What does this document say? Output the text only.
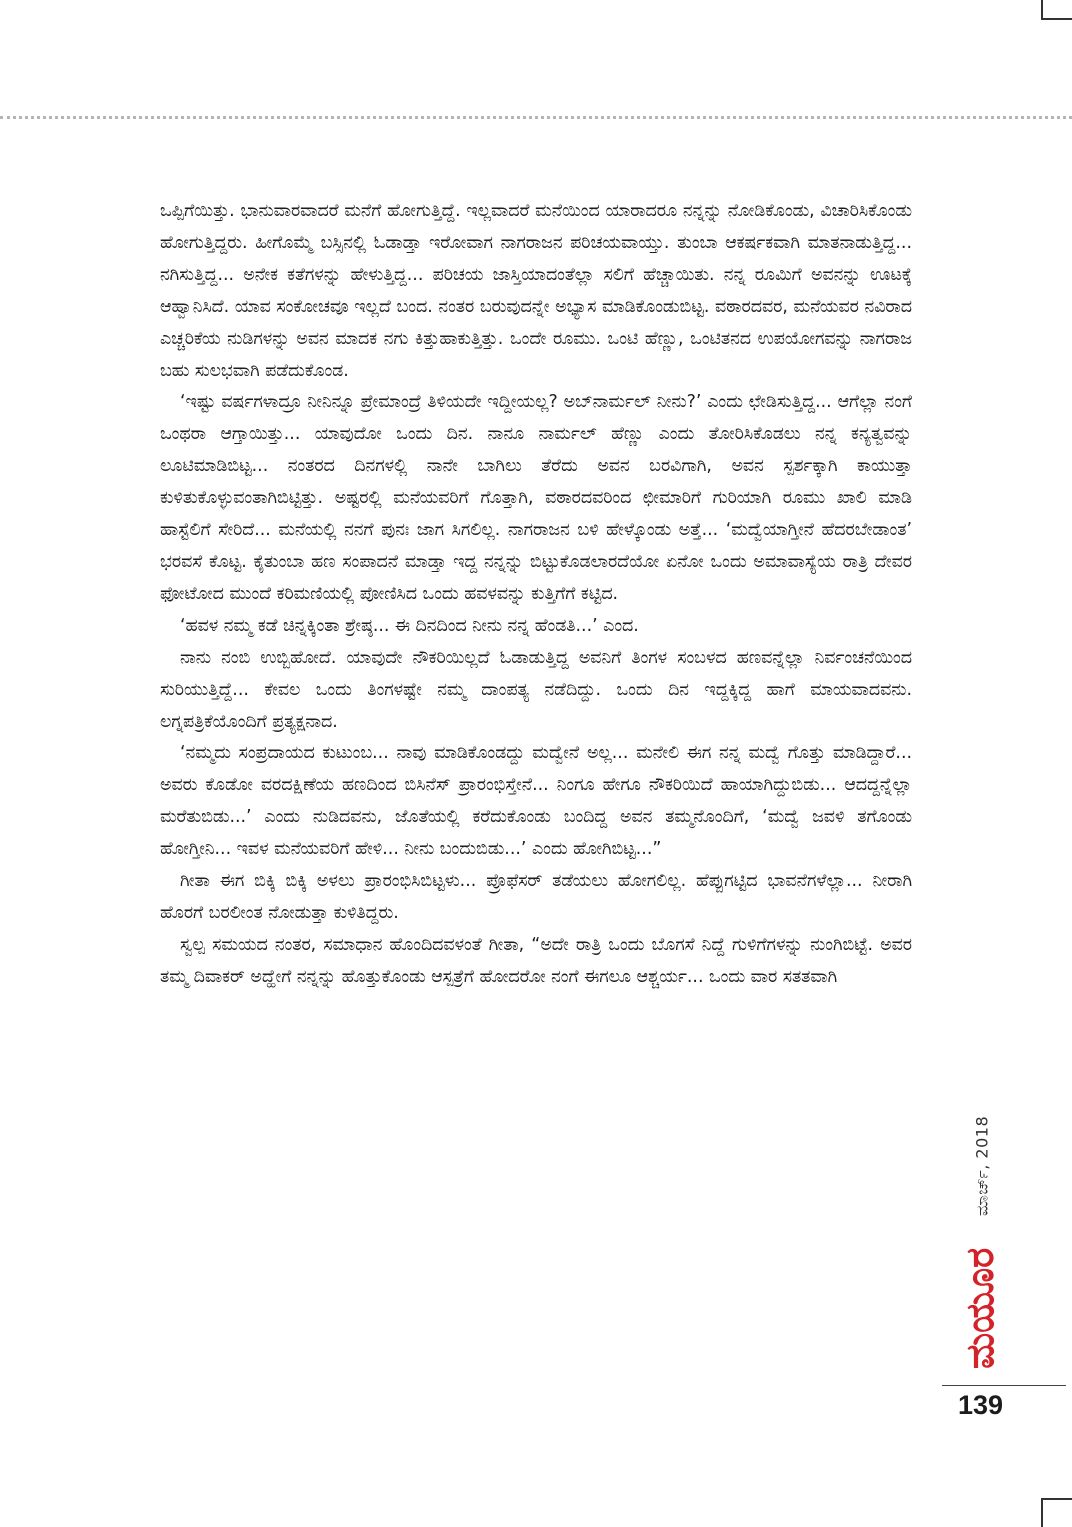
ಒಪ್ಪಿಗೆಯಿತ್ತು. ಭಾನುವಾರವಾದರೆ ಮನೆಗೆ ಹೋಗುತ್ತಿದ್ದೆ. ಇಲ್ಲವಾದರೆ ಮನೆಯಿಂದ ಯಾರಾದರೂ ನನ್ನನ್ನು ನೋಡಿಕೊಂಡು, ವಿಚಾರಿಸಿಕೊಂಡು ಹೋಗುತ್ತಿದ್ದರು. ಹೀಗೊಮ್ಮೆ ಬಸ್ಸಿನಲ್ಲಿ ಓಡಾಡ್ತಾ ಇರೋವಾಗ ನಾಗರಾಜನ ಪರಿಚಯವಾಯ್ತು. ತುಂಬಾ ಆಕರ್ಷಕವಾಗಿ ಮಾತನಾಡುತ್ತಿದ್ದ... ನಗಿಸುತ್ತಿದ್ದ... ಅನೇಕ ಕತೆಗಳನ್ನು ಹೇಳುತ್ತಿದ್ದ... ಪರಿಚಯ ಜಾಸ್ತಿಯಾದಂತೆಲ್ಲಾ ಸಲಿಗೆ ಹೆಚ್ಚಾಯಿತು. ನನ್ನ ರೂಮಿಗೆ ಅವನನ್ನು ಊಟಕ್ಕೆ ಆಹ್ವಾನಿಸಿದೆ. ಯಾವ ಸಂಕೋಚವೂ ಇಲ್ಲದೆ ಬಂದ. ನಂತರ ಬರುವುದನ್ನೇ ಅಭ್ಯಾಸ ಮಾಡಿಕೊಂಡುಬಿಟ್ಟ. ವಠಾರದವರ, ಮನೆಯವರ ನವಿರಾದ ಎಚ್ಚರಿಕೆಯ ನುಡಿಗಳನ್ನು ಅವನ ಮಾದಕ ನಗು ಕಿತ್ತುಹಾಕುತ್ತಿತ್ತು. ಒಂದೇ ರೂಮು. ಒಂಟಿ ಹೆಣ್ಣು, ಒಂಟಿತನದ ಉಪಯೋಗವನ್ನು ನಾಗರಾಜ ಬಹು ಸುಲಭವಾಗಿ ಪಡೆದುಕೊಂಡ.

‘ಇಷ್ಟು ವರ್ಷಗಳಾದ್ರೂ ನೀನಿನ್ನೂ ಪ್ರೇಮಾಂದ್ರೆ ತಿಳಿಯದೇ ಇದ್ದೀಯಲ್ಲ? ಅಬ್‌ನಾರ್ಮಲ್ ನೀನು?’ ಎಂದು ಛೇಡಿಸುತ್ತಿದ್ದ... ಆಗೆಲ್ಲಾ ನಂಗೆ ಒಂಥರಾ ಆಗ್ತಾಯಿತ್ತು... ಯಾವುದೋ ಒಂದು ದಿನ. ನಾನೂ ನಾರ್ಮಲ್ ಹೆಣ್ಣು ಎಂದು ತೋರಿಸಿಕೊಡಲು ನನ್ನ ಕನ್ಯತ್ವವನ್ನು ಲೂಟಿಮಾಡಿಬಿಟ್ಟ... ನಂತರದ ದಿನಗಳಲ್ಲಿ ನಾನೇ ಬಾಗಿಲು ತೆರೆದು ಅವನ ಬರವಿಗಾಗಿ, ಅವನ ಸ್ಪರ್ಶಕ್ಕಾಗಿ ಕಾಯುತ್ತಾ ಕುಳಿತುಕೊಳ್ಳುವಂತಾಗಿಬಿಟ್ಟಿತ್ತು. ಅಷ್ಟರಲ್ಲಿ ಮನೆಯವರಿಗೆ ಗೊತ್ತಾಗಿ, ವಠಾರದವರಿಂದ ಛೀಮಾರಿಗೆ ಗುರಿಯಾಗಿ ರೂಮು ಖಾಲಿ ಮಾಡಿ ಹಾಸ್ಟೆಲಿಗೆ ಸೇರಿದೆ... ಮನೆಯಲ್ಲಿ ನನಗೆ ಪುನಃ ಜಾಗ ಸಿಗಲಿಲ್ಲ. ನಾಗರಾಜನ ಬಳಿ ಹೇಳ್ಕೊಂಡು ಅತ್ತೆ... ‘ಮದ್ವೆಯಾಗ್ತೀನೆ ಹೆದರಬೇಡಾಂತ’ ಭರವಸೆ ಕೊಟ್ಟ. ಕೈತುಂಬಾ ಹಣ ಸಂಪಾದನೆ ಮಾಡ್ತಾ ಇದ್ದ ನನ್ನನ್ನು ಬಿಟ್ಟುಕೊಡಲಾರದೆಯೋ ಏನೋ ಒಂದು ಅಮಾವಾಸ್ಯೆಯ ರಾತ್ರಿ ದೇವರ ಫೋಟೋದ ಮುಂದೆ ಕರಿಮಣಿಯಲ್ಲಿ ಪೋಣಿಸಿದ ಒಂದು ಹವಳವನ್ನು ಕುತ್ತಿಗೆಗೆ ಕಟ್ಟಿದ.

‘ಹವಳ ನಮ್ಮ ಕಡೆ ಚಿನ್ನಕ್ಕಿಂತಾ ಶ್ರೇಷ್ಠ... ಈ ದಿನದಿಂದ ನೀನು ನನ್ನ ಹೆಂಡತಿ...’ ಎಂದ.

ನಾನು ನಂಬಿ ಉಬ್ಬಿಹೋದೆ. ಯಾವುದೇ ನೌಕರಿಯಿಲ್ಲದೆ ಓಡಾಡುತ್ತಿದ್ದ ಅವನಿಗೆ ತಿಂಗಳ ಸಂಬಳದ ಹಣವನ್ನೆಲ್ಲಾ ನಿರ್ವಂಚನೆಯಿಂದ ಸುರಿಯುತ್ತಿದ್ದೆ... ಕೇವಲ ಒಂದು ತಿಂಗಳಷ್ಟೇ ನಮ್ಮ ದಾಂಪತ್ಯ ನಡೆದಿದ್ದು. ಒಂದು ದಿನ ಇದ್ದಕ್ಕಿದ್ದ ಹಾಗೆ ಮಾಯವಾದವನು. ಲಗ್ನಪತ್ರಿಕೆಯೊಂದಿಗೆ ಪ್ರತ್ಯಕ್ಷನಾದ.

‘ನಮ್ಮದು ಸಂಪ್ರದಾಯದ ಕುಟುಂಬ... ನಾವು ಮಾಡಿಕೊಂಡದ್ದು ಮದ್ವೇನೆ ಅಲ್ಲ... ಮನೇಲಿ ಈಗ ನನ್ನ ಮದ್ವೆ ಗೊತ್ತು ಮಾಡಿದ್ದಾರೆ... ಅವರು ಕೊಡೋ ವರದಕ್ಷಿಣೆಯ ಹಣದಿಂದ ಬಿಸಿನೆಸ್ ಪ್ರಾರಂಭಿಸ್ತೇನೆ... ನಿಂಗೂ ಹೇಗೂ ನೌಕರಿಯಿದೆ ಹಾಯಾಗಿದ್ದುಬಿಡು... ಆದದ್ದನ್ನೆಲ್ಲಾ ಮರೆತುಬಿಡು...’ ಎಂದು ನುಡಿದವನು, ಜೊತೆಯಲ್ಲಿ ಕರೆದುಕೊಂಡು ಬಂದಿದ್ದ ಅವನ ತಮ್ಮನೊಂದಿಗೆ, ‘ಮದ್ವೆ ಜವಳಿ ತಗೊಂಡು ಹೋಗ್ತೀನಿ... ಇವಳ ಮನೆಯವರಿಗೆ ಹೇಳಿ... ನೀನು ಬಂದುಬಿಡು...’ ಎಂದು ಹೋಗಿಬಿಟ್ಟ...”

ಗೀತಾ ಈಗ ಬಿಕ್ಕಿ ಬಿಕ್ಕಿ ಅಳಲು ಪ್ರಾರಂಭಿಸಿಬಿಟ್ಟಳು... ಪ್ರೊಫೆಸರ್ ತಡೆಯಲು ಹೋಗಲಿಲ್ಲ. ಹೆಪ್ಪುಗಟ್ಟಿದ ಭಾವನೆಗಳೆಲ್ಲಾ... ನೀರಾಗಿ ಹೊರಗೆ ಬರಲೀಂತ ನೋಡುತ್ತಾ ಕುಳಿತಿದ್ದರು.

ಸ್ವಲ್ಪ ಸಮಯದ ನಂತರ, ಸಮಾಧಾನ ಹೊಂದಿದವಳಂತೆ ಗೀತಾ, “ಅದೇ ರಾತ್ರಿ ಒಂದು ಬೊಗಸೆ ನಿದ್ದೆ ಗುಳಿಗೆಗಳನ್ನು ನುಂಗಿಬಿಟ್ಟೆ. ಅವರ ತಮ್ಮ ದಿವಾಕರ್ ಅದ್ಹೇಗೆ ನನ್ನನ್ನು ಹೊತ್ತುಕೊಂಡು ಆಸ್ಪತ್ರೆಗೆ ಹೋದರೋ ನಂಗೆ ಈಗಲೂ ಆಶ್ಚರ್ಯ... ಒಂದು ವಾರ ಸತತವಾಗಿ

ಮಾರ್ಚ್, 2018
ಮಯೂರ
139
